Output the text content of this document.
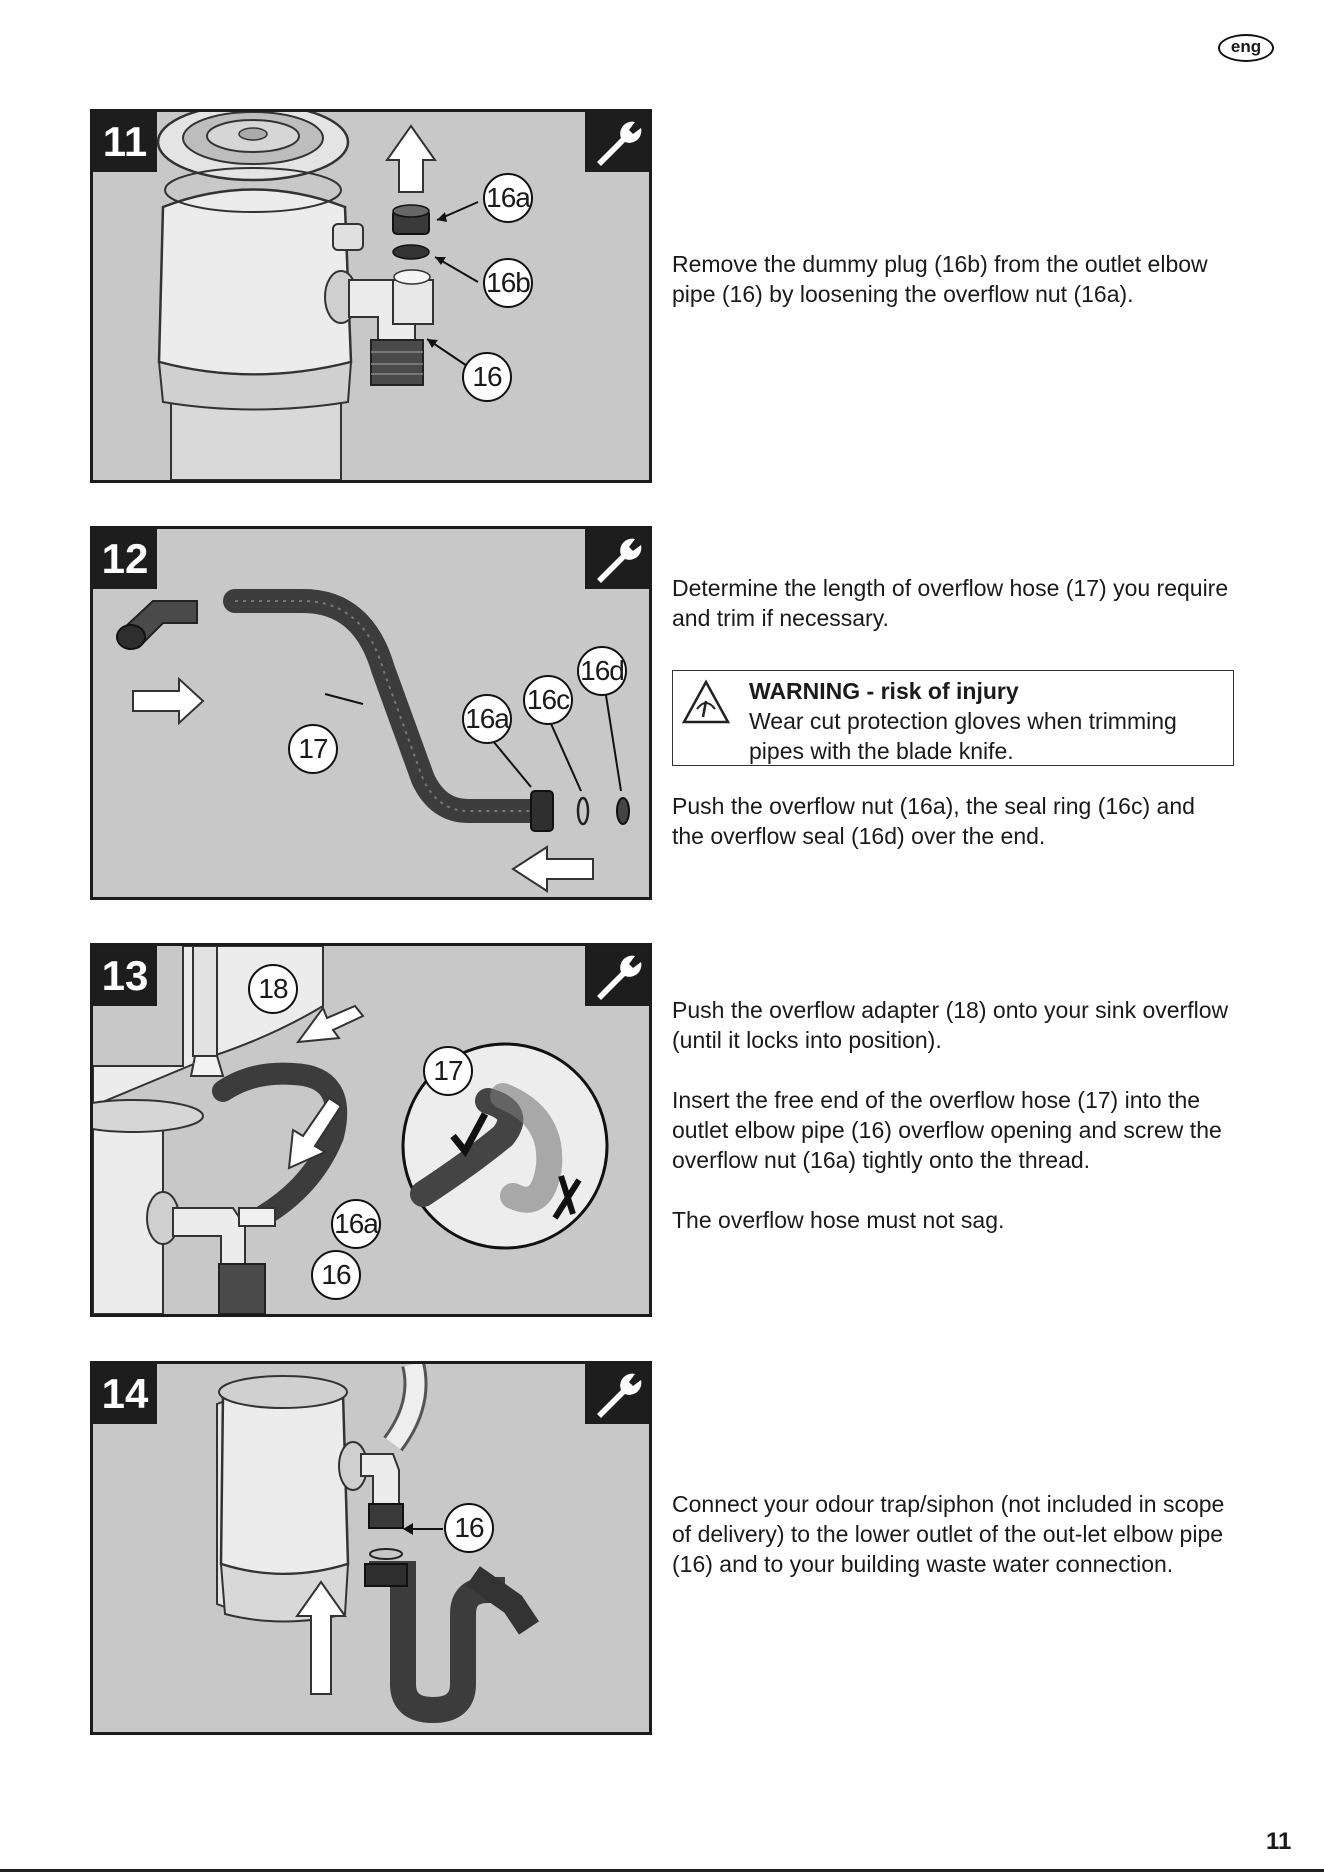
eng
11
16a
16b
16

Remove the dummy plug (16b) from the outlet elbow pipe (16) by loosening the overflow nut (16a).

12
16d
16c
16a
17

Determine the length of overflow hose (17) you require and trim if necessary.

WARNING - risk of injury
Wear cut protection gloves when trimming pipes with the blade knife.

Push the overflow nut (16a), the seal ring (16c) and the overflow seal (16d) over the end.

13	18
17
16a
16

Push the overflow adapter (18) onto your sink overflow (until it locks into position).

Insert the free end of the overflow hose (17) into the outlet elbow pipe (16) overflow opening and screw the overflow nut (16a) tightly onto the thread.

The overflow hose must not sag.

14
16

Connect your odour trap/siphon (not included in scope of delivery) to the lower outlet of the out-let elbow pipe (16) and to your building waste water connection.

11
